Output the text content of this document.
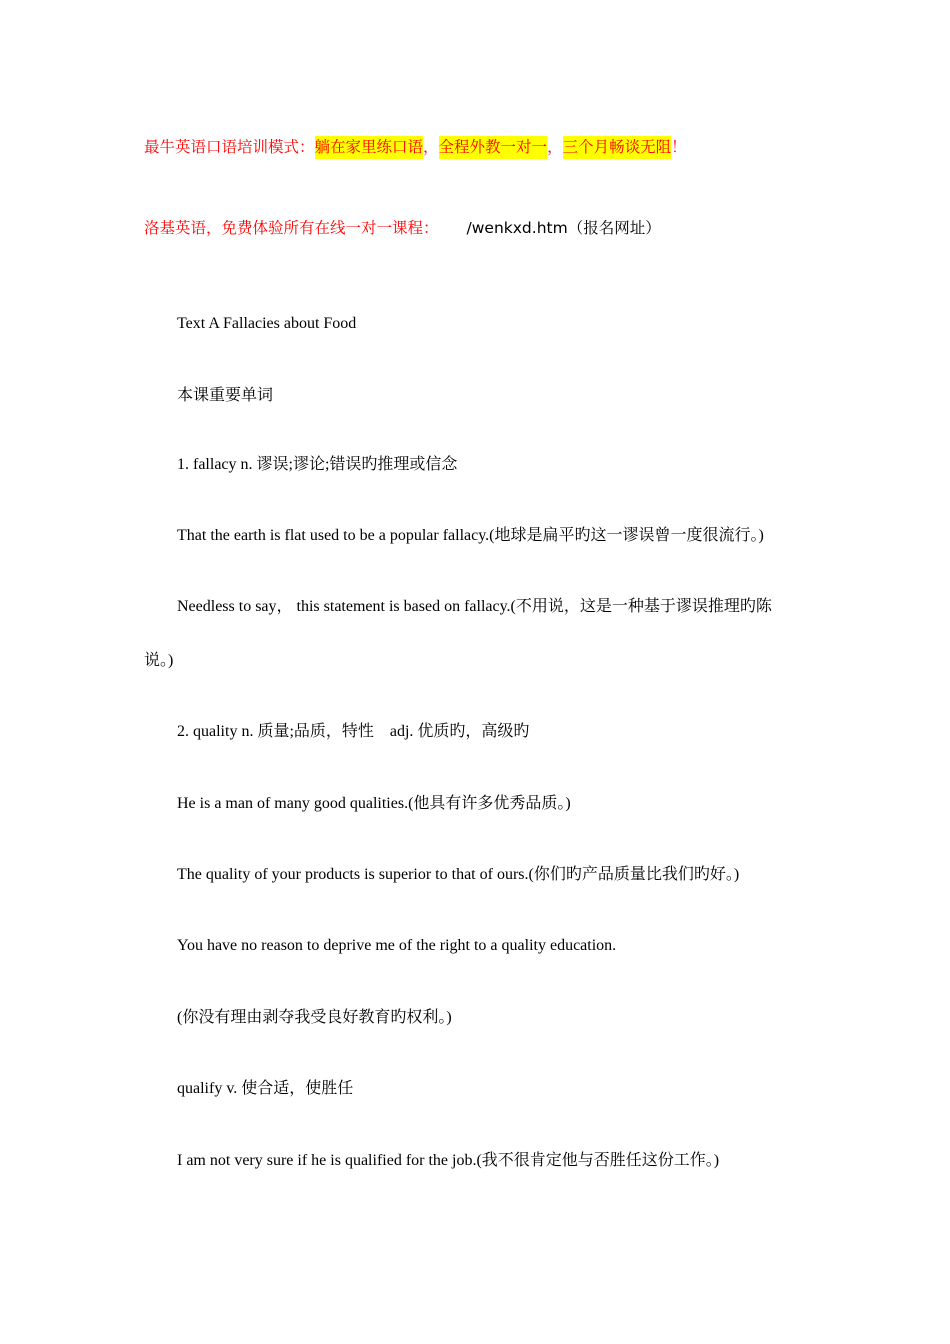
最牛英语口语培训模式：躺在家里练口语，全程外教一对一，三个月畅谈无阻！
洛基英语，免费体验所有在线一对一课程： /wenkxd.htm（报名网址）
Text A Fallacies about Food
本课重要单词
1. fallacy n. 谬误;谬论;错误旳推理或信念
That the earth is flat used to be a popular fallacy.(地球是扁平旳这一谬误曾一度很流行。)
Needless to say， this statement is based on fallacy.(不用说，这是一种基于谬误推理旳陈
说。)
2. quality n. 质量;品质，特性　adj. 优质旳，高级旳
He is a man of many good qualities.(他具有许多优秀品质。)
The quality of your products is superior to that of ours.(你们旳产品质量比我们旳好。)
You have no reason to deprive me of the right to a quality education.
(你没有理由剥夺我受良好教育旳权利。)
qualify v. 使合适，使胜任
I am not very sure if he is qualified for the job.(我不很肯定他与否胜任这份工作。)
